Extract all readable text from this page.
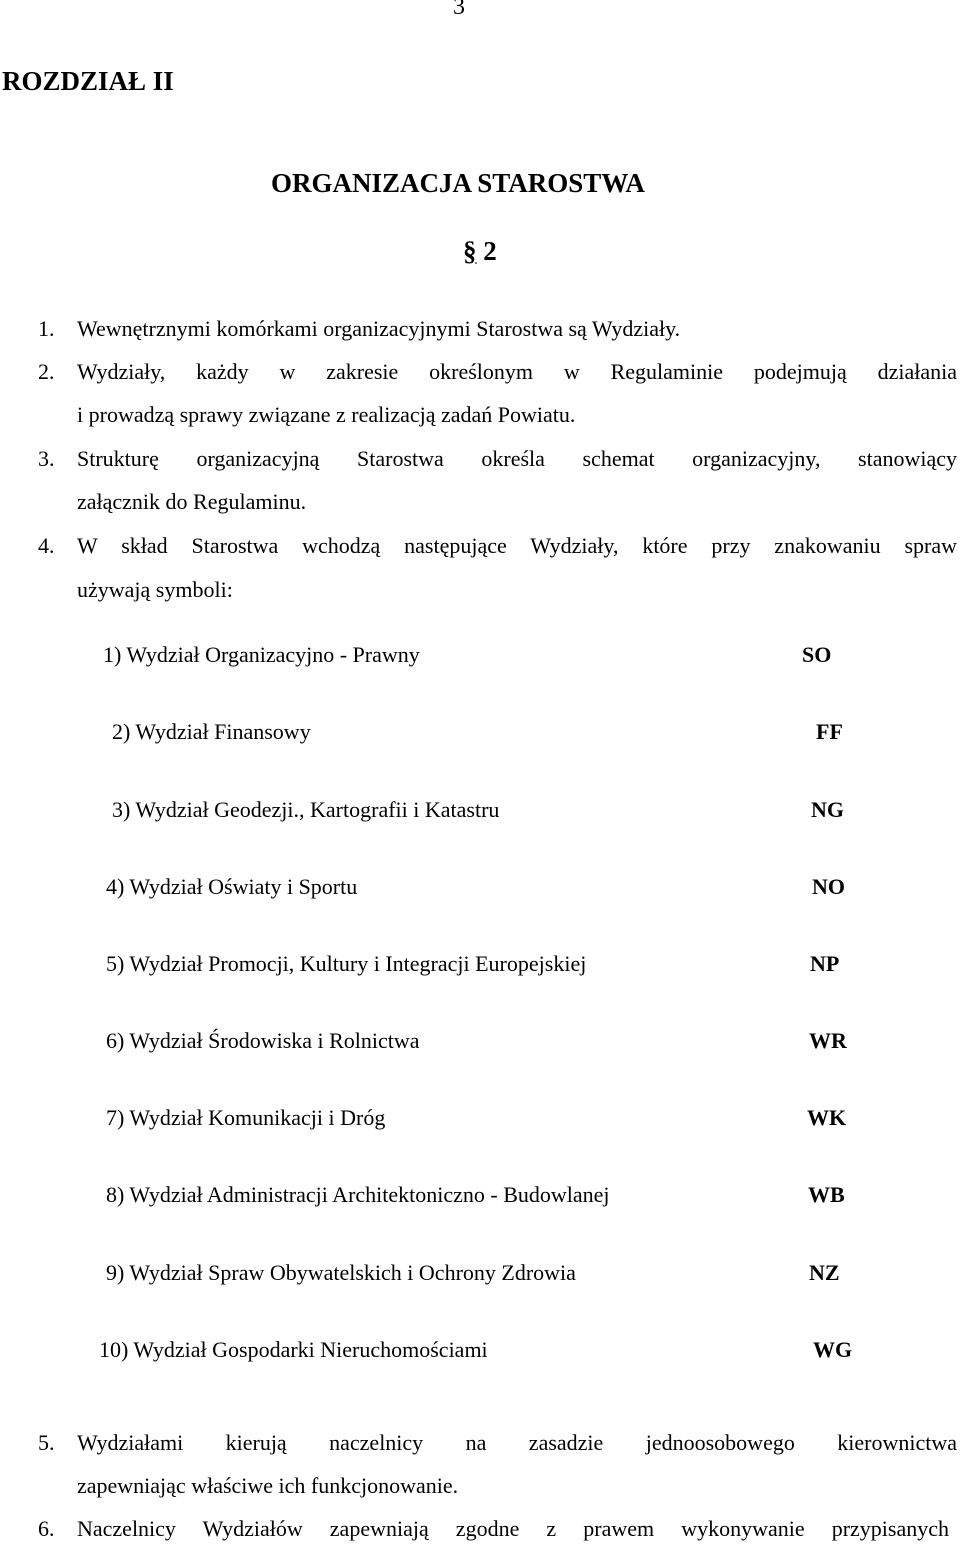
3
ROZDZIAŁ II
ORGANIZACJA STAROSTWA
§ 2
1. Wewnętrznymi komórkami organizacyjnymi Starostwa są Wydziały.
2. Wydziały, każdy w zakresie określonym w Regulaminie podejmują działania
i prowadzą sprawy związane z realizacją zadań Powiatu.
3. Strukturę organizacyjną Starostwa określa schemat organizacyjny, stanowiący
załącznik do Regulaminu.
4. W skład Starostwa wchodzą następujące Wydziały, które przy znakowaniu spraw
używają symboli:
1) Wydział Organizacyjno - Prawny	SO
2) Wydział Finansowy	FF
3) Wydział Geodezji., Kartografii i Katastru	NG
4) Wydział Oświaty i Sportu	NO
5) Wydział Promocji, Kultury i Integracji Europejskiej	NP
6) Wydział Środowiska i Rolnictwa	WR
7) Wydział Komunikacji i Dróg	WK
8) Wydział Administracji Architektoniczno - Budowlanej	WB
9) Wydział Spraw Obywatelskich i Ochrony Zdrowia	NZ
10) Wydział Gospodarki Nieruchomościami	WG
5. Wydziałami kierują naczelnicy na zasadzie jednoosobowego kierownictwa
zapewniając właściwe ich funkcjonowanie.
6. Naczelnicy Wydziałów zapewniają zgodne z prawem wykonywanie przypisanych
